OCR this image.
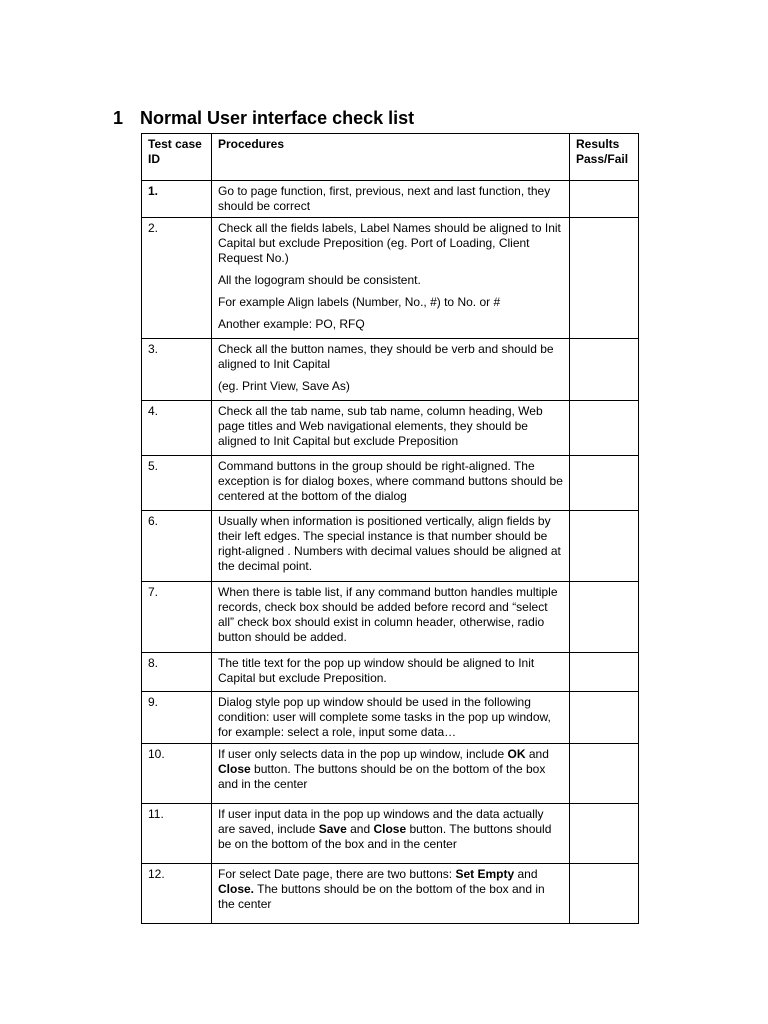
1 Normal User interface check list
Test case ID	Procedures	Results Pass/Fail
1.	Go to page function, first, previous, next and last function, they should be correct	

2.	Check all the fields labels, Label Names should be aligned to Init Capital but exclude Preposition (eg. Port of Loading, Client Request No.)

All the logogram should be consistent.

For example Align labels (Number, No., #) to No. or #

Another example: PO, RFQ	

3.	Check all the button names, they should be verb and should be aligned to Init Capital

(eg. Print View, Save As)	

4.	Check all the tab name, sub tab name, column heading, Web page titles and Web navigational elements, they should be aligned to Init Capital but exclude Preposition	

5.	Command buttons in the group should be right-aligned. The exception is for dialog boxes, where command buttons should be centered at the bottom of the dialog	

6.	Usually when information is positioned vertically, align fields by their left edges. The special instance is that number should be right-aligned . Numbers with decimal values should be aligned at the decimal point.	

7.	When there is table list, if any command button handles multiple records, check box should be added before record and “select all” check box should exist in column header, otherwise, radio button should be added.	

8.	The title text for the pop up window should be aligned to Init Capital but exclude Preposition.	

9.	Dialog style pop up window should be used in the following condition: user will complete some tasks in the pop up window, for example: select a role, input some data…	

10.	If user only selects data in the pop up window, include OK and Close button. The buttons should be on the bottom of the box and in the center	

11.	If user input data in the pop up windows and the data actually are saved, include Save and Close button. The buttons should be on the bottom of the box and in the center	

12.	For select Date page, there are two buttons: Set Empty and Close. The buttons should be on the bottom of the box and in the center	
